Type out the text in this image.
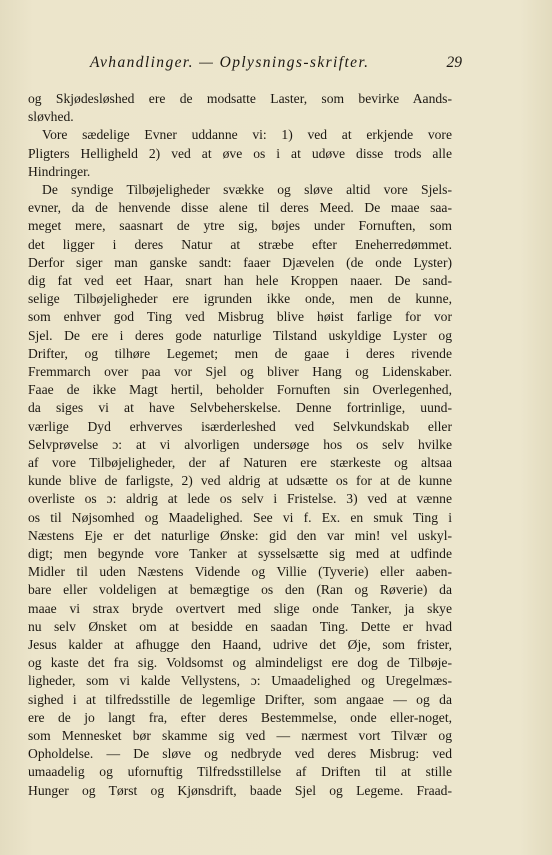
Avhandlinger. — Oplysnings-skrifter.	29
og Skjødesløshed ere de modsatte Laster, som bevirke Aands-
sløvhed.
Vore sædelige Evner uddanne vi: 1) ved at erkjende vore
Pligters Helligheld 2) ved at øve os i at udøve disse trods alle
Hindringer.
De syndige Tilbøjeligheder svække og sløve altid vore Sjels-
evner, da de henvende disse alene til deres Meed. De maae saa-
meget mere, saasnart de ytre sig, bøjes under Fornuften, som
det ligger i deres Natur at stræbe efter Eneherredømmet.
Derfor siger man ganske sandt: faaer Djævelen (de onde Lyster)
dig fat ved eet Haar, snart han hele Kroppen naaer. De sand-
selige Tilbøjeligheder ere igrunden ikke onde, men de kunne,
som enhver god Ting ved Misbrug blive høist farlige for vor
Sjel. De ere i deres gode naturlige Tilstand uskyldige Lyster og
Drifter, og tilhøre Legemet; men de gaae i deres rivende
Fremmarch over paa vor Sjel og bliver Hang og Lidenskaber.
Faae de ikke Magt hertil, beholder Fornuften sin Overlegenhed,
da siges vi at have Selvbeherskelse. Denne fortrinlige, uund-
værlige Dyd erhverves især​derleshed ved Selvkundskab eller
Selvprøvelse ɔ: at vi alvorligen undersøge hos os selv hvilke
af vore Tilbøjeligheder, der af Naturen ere stærkeste og altsaa
kunde blive de farligste, 2) ved aldrig at udsætte os for at de kunne
overliste os ɔ: aldrig at lede os selv i Fristelse. 3) ved at vænne
os til Nøjsomhed og Maadelighed. See vi f. Ex. en smuk Ting i
Næstens Eje er det naturlige Ønske: gid den var min! vel uskyl-
digt; men begynde vore Tanker at sysselsætte sig med at udfinde
Midler til uden Næstens Vidende og Villie (Tyverie) eller aaben-
bare eller voldeligen at bemægtige os den (Ran og Røverie) da
maae vi strax bryde overtvert med slige onde Tanker, ja skye
nu selv Ønsket om at besidde en saadan Ting. Dette er hvad
Jesus kalder at afhugge den Haand, udrive det Øje, som frister,
og kaste det fra sig. Voldsomst og almindeligst ere dog de Tilbøje-
ligheder, som vi kalde Vellystens, ɔ: Umaadelighed og Uregelmæs-
sighed i at tilfredsstille de legemlige Drifter, som angaae — og da
ere de jo langt fra, efter deres Bestemmelse, onde eller-noget,
som Mennesket bør skamme sig ved — nærmest vort Tilvær og
Opholdelse. — De sløve og nedbryde ved deres Misbrug: ved
umaadelig og ufornuftig Tilfredsstillelse af Driften til at stille
Hunger og Tørst og Kjønsdrift, baade Sjel og Legeme. Fraad-
